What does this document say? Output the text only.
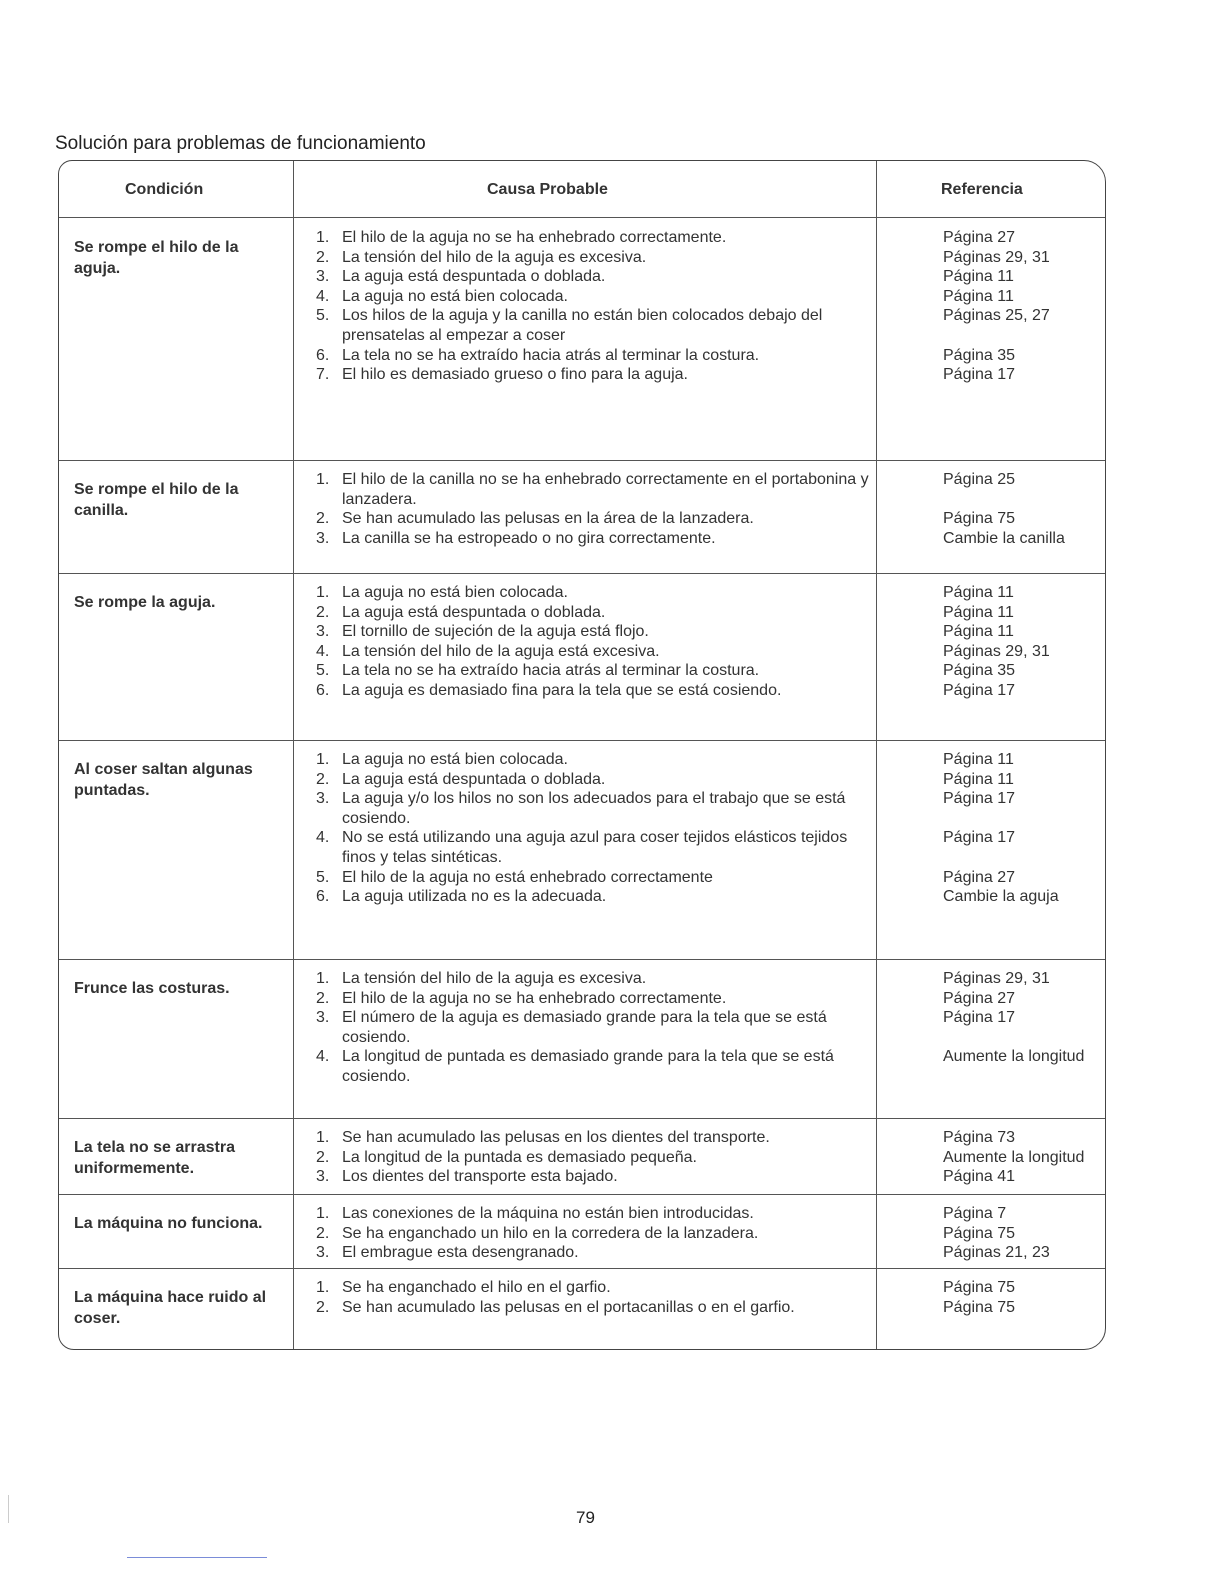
Solución para problemas de funcionamiento
Condición	Causa Probable	Referencia
Se rompe el hilo de la aguja.
1. El hilo de la aguja no se ha enhebrado correctamente.
2. La tensión del hilo de la aguja es excesiva.
3. La aguja está despuntada o doblada.
4. La aguja no está bien colocada.
5. Los hilos de la aguja y la canilla no están bien colocados debajo del prensatelas al empezar a coser
6. La tela no se ha extraído hacia atrás al terminar la costura.
7. El hilo es demasiado grueso o fino para la aguja.
Página 27
Páginas 29, 31
Página 11
Página 11
Páginas 25, 27

Página 35
Página 17
Se rompe el hilo de la canilla.
1. El hilo de la canilla no se ha enhebrado correctamente en el portabonina y lanzadera.
2. Se han acumulado las pelusas en la área de la lanzadera.
3. La canilla se ha estropeado o no gira correctamente.
Página 25

Página 75
Cambie la canilla
Se rompe la aguja.
1. La aguja no está bien colocada.
2. La aguja está despuntada o doblada.
3. El tornillo de sujeción de la aguja está flojo.
4. La tensión del hilo de la aguja está excesiva.
5. La tela no se ha extraído hacia atrás al terminar la costura.
6. La aguja es demasiado fina para la tela que se está cosiendo.
Página 11
Página 11
Página 11
Páginas 29, 31
Página 35
Página 17
Al coser saltan algunas puntadas.
1. La aguja no está bien colocada.
2. La aguja está despuntada o doblada.
3. La aguja y/o los hilos no son los adecuados para el trabajo que se está cosiendo.
4. No se está utilizando una aguja azul para coser tejidos elásticos tejidos finos y telas sintéticas.
5. El hilo de la aguja no está enhebrado correctamente
6. La aguja utilizada no es la adecuada.
Página 11
Página 11
Página 17

Página 17

Página 27
Cambie la aguja
Frunce las costuras.
1. La tensión del hilo de la aguja es excesiva.
2. El hilo de la aguja no se ha enhebrado correctamente.
3. El número de la aguja es demasiado grande para la tela que se está cosiendo.
4. La longitud de puntada es demasiado grande para la tela que se está cosiendo.
Páginas 29, 31
Página 27
Página 17

Aumente la longitud
La tela no se arrastra uniformemente.
1. Se han acumulado las pelusas en los dientes del transporte.
2. La longitud de la puntada es demasiado pequeña.
3. Los dientes del transporte esta bajado.
Página 73
Aumente la longitud
Página 41
La máquina no funciona.
1. Las conexiones de la máquina no están bien introducidas.
2. Se ha enganchado un hilo en la corredera de la lanzadera.
3. El embrague esta desengranado.
Página 7
Página 75
Páginas 21, 23
La máquina hace ruido al coser.
1. Se ha enganchado el hilo en el garfio.
2. Se han acumulado las pelusas en el portacanillas o en el garfio.
Página 75
Página 75
79
